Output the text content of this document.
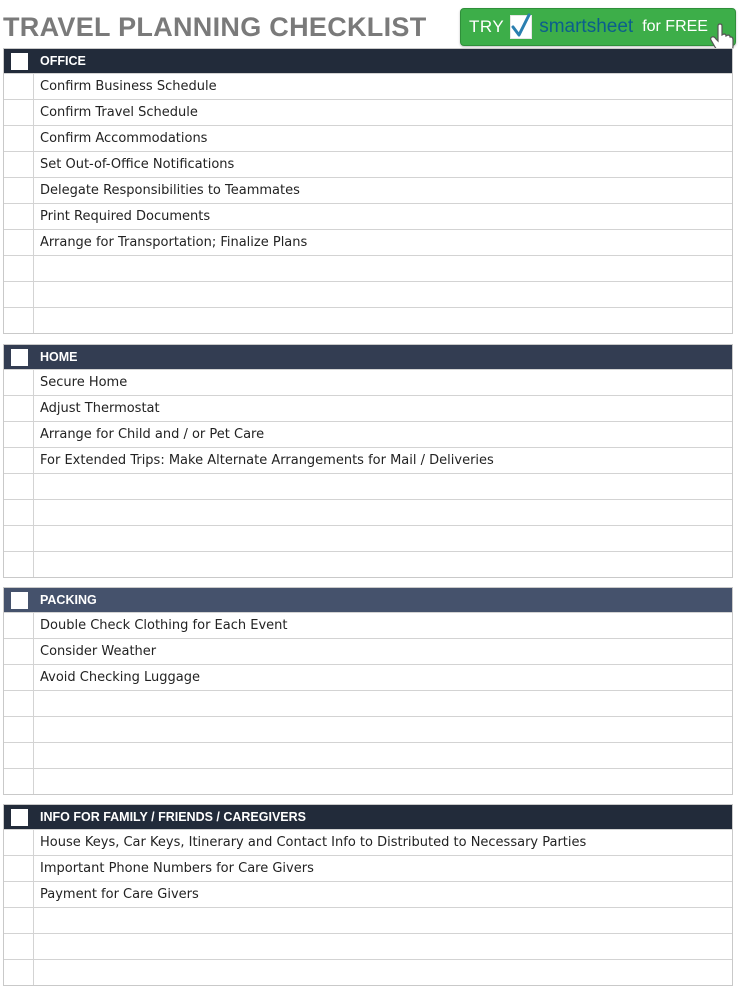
TRAVEL PLANNING CHECKLIST TRY smartsheet for FREE
OFFICE
Confirm Business Schedule
Confirm Travel Schedule
Confirm Accommodations
Set Out-of-Office Notifications
Delegate Responsibilities to Teammates
Print Required Documents
Arrange for Transportation; Finalize Plans
HOME
Secure Home
Adjust Thermostat
Arrange for Child and / or Pet Care
For Extended Trips: Make Alternate Arrangements for Mail / Deliveries
PACKING
Double Check Clothing for Each Event
Consider Weather
Avoid Checking Luggage
INFO FOR FAMILY / FRIENDS / CAREGIVERS
House Keys, Car Keys, Itinerary and Contact Info to Distributed to Necessary Parties
Important Phone Numbers for Care Givers
Payment for Care Givers
